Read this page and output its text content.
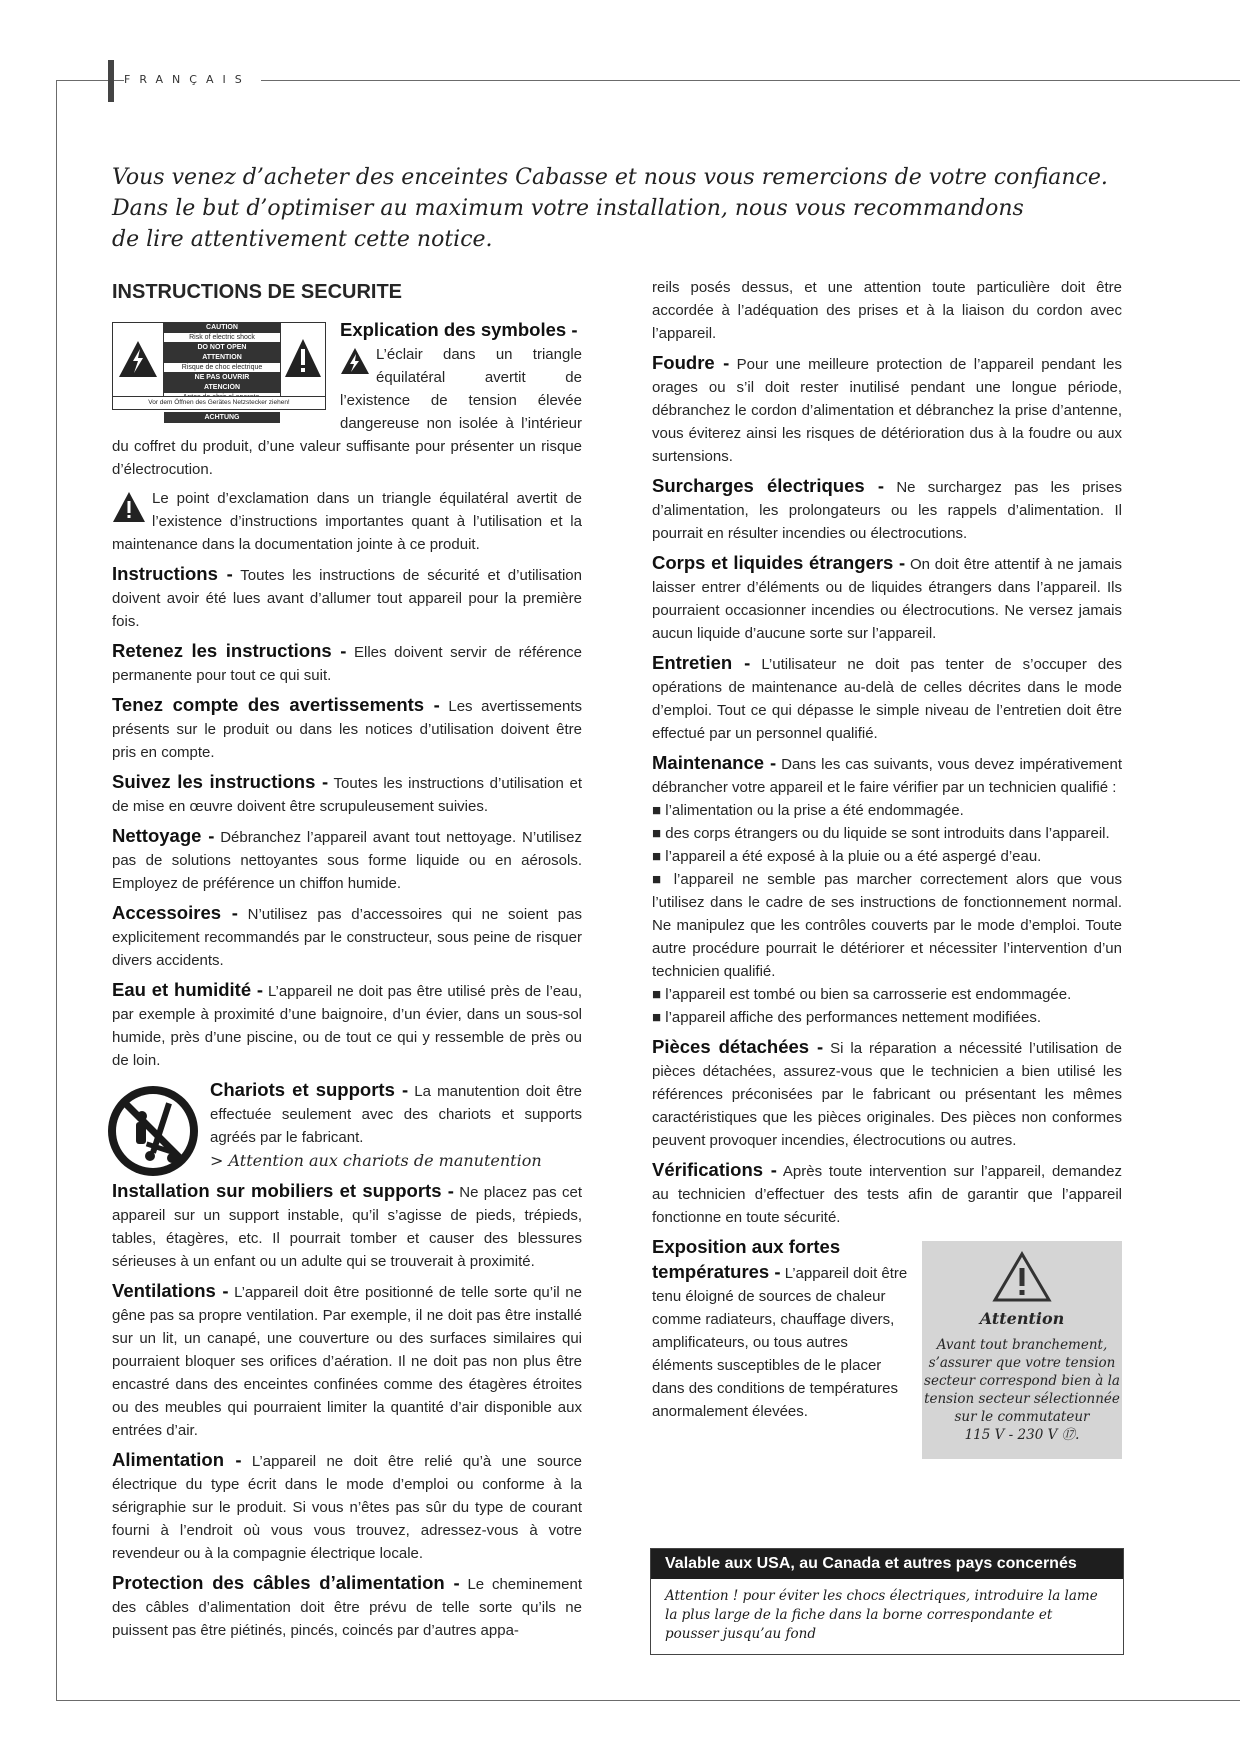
FRANÇAIS
Vous venez d’acheter des enceintes Cabasse et nous vous remercions de votre confiance.
Dans le but d’optimiser au maximum votre installation, nous vous recommandons
de lire attentivement cette notice.
INSTRUCTIONS DE SECURITE
CAUTION
Risk of electric shock
DO NOT OPEN
ATTENTION
Risque de choc electrique
NE PAS OUVRIR
ATENCIÓN
ACHTUNG
Vor dem Öffnen des Gerätes Netzstecker ziehen!

Explication des symboles -

L’éclair dans un triangle équilatéral avertit de l’existence de tension élevée dangereuse non isolée à l’intérieur du coffret du produit, d’une valeur suffisante pour présenter un risque d’électrocution.

Le point d’exclamation dans un triangle équilatéral avertit de l’existence d’instructions importantes quant à l’utilisation et la maintenance dans la documentation jointe à ce produit.

Instructions - Toutes les instructions de sécurité et d’utilisation doivent avoir été lues avant d’allumer tout appareil pour la première fois.

Retenez les instructions - Elles doivent servir de référence permanente pour tout ce qui suit.

Tenez compte des avertissements - Les avertissements présents sur le produit ou dans les notices d’utilisation doivent être pris en compte.

Suivez les instructions - Toutes les instructions d’utilisation et de mise en œuvre doivent être scrupuleusement suivies.

Nettoyage - Débranchez l’appareil avant tout nettoyage. N’utilisez pas de solutions nettoyantes sous forme liquide ou en aérosols. Employez de préférence un chiffon humide.

Accessoires - N’utilisez pas d’accessoires qui ne soient pas explicitement recommandés par le constructeur, sous peine de risquer divers accidents.

Eau et humidité - L’appareil ne doit pas être utilisé près de l’eau, par exemple à proximité d’une baignoire, d’un évier, dans un sous-sol humide, près d’une piscine, ou de tout ce qui y ressemble de près ou de loin.

Chariots et supports - La manutention doit être effectuée seulement avec des chariots et supports agréés par le fabricant.
> Attention aux chariots de manutention

Installation sur mobiliers et supports - Ne placez pas cet appareil sur un support instable, qu’il s’agisse de pieds, trépieds, tables, étagères, etc. Il pourrait tomber et causer des blessures sérieuses à un enfant ou un adulte qui se trouverait à proximité.

Ventilations - L’appareil doit être positionné de telle sorte qu’il ne gêne pas sa propre ventilation. Par exemple, il ne doit pas être installé sur un lit, un canapé, une couverture ou des surfaces similaires qui pourraient bloquer ses orifices d’aération. Il ne doit pas non plus être encastré dans des enceintes confinées comme des étagères étroites ou des meubles qui pourraient limiter la quantité d’air disponible aux entrées d’air.

Alimentation - L’appareil ne doit être relié qu’à une source électrique du type écrit dans le mode d’emploi ou conforme à la sérigraphie sur le produit. Si vous n’êtes pas sûr du type de courant fourni à l’endroit où vous vous trouvez, adressez-vous à votre revendeur ou à la compagnie électrique locale.

Protection des câbles d’alimentation - Le cheminement des câbles d’alimentation doit être prévu de telle sorte qu’ils ne puissent pas être piétinés, pincés, coincés par d’autres appa-

reils posés dessus, et une attention toute particulière doit être accordée à l’adéquation des prises et à la liaison du cordon avec l’appareil.

Foudre - Pour une meilleure protection de l’appareil pendant les orages ou s’il doit rester inutilisé pendant une longue période, débranchez le cordon d’alimentation et débranchez la prise d’antenne, vous éviterez ainsi les risques de détérioration dus à la foudre ou aux surtensions.

Surcharges électriques - Ne surchargez pas les prises d’alimentation, les prolongateurs ou les rappels d’alimentation. Il pourrait en résulter incendies ou électrocutions.

Corps et liquides étrangers - On doit être attentif à ne jamais laisser entrer d’éléments ou de liquides étrangers dans l’appareil. Ils pourraient occasionner incendies ou électrocutions. Ne versez jamais aucun liquide d’aucune sorte sur l’appareil.

Entretien - L’utilisateur ne doit pas tenter de s’occuper des opérations de maintenance au-delà de celles décrites dans le mode d’emploi. Tout ce qui dépasse le simple niveau de l’entretien doit être effectué par un personnel qualifié.

Maintenance - Dans les cas suivants, vous devez impérativement débrancher votre appareil et le faire vérifier par un technicien qualifié :

■ l’alimentation ou la prise a été endommagée.
■ des corps étrangers ou du liquide se sont introduits dans l’appareil.
■ l’appareil a été exposé à la pluie ou a été aspergé d’eau.
■ l’appareil ne semble pas marcher correctement alors que vous l’utilisez dans le cadre de ses instructions de fonctionnement normal. Ne manipulez que les contrôles couverts par le mode d’emploi. Toute autre procédure pourrait le détériorer et nécessiter l’intervention d’un technicien qualifié.
■ l’appareil est tombé ou bien sa carrosserie est endommagée.
■ l’appareil affiche des performances nettement modifiées.

Pièces détachées - Si la réparation a nécessité l’utilisation de pièces détachées, assurez-vous que le technicien a bien utilisé les références préconisées par le fabricant ou présentant les mêmes caractéristiques que les pièces originales. Des pièces non conformes peuvent provoquer incendies, électrocutions ou autres.

Vérifications - Après toute intervention sur l’appareil, demandez au technicien d’effectuer des tests afin de garantir que l’appareil fonctionne en toute sécurité.

Attention
Avant tout branchement, s’assurer que votre tension secteur correspond bien à la tension secteur sélectionnée sur le commutateur
115 V - 230 V ⑰.

Exposition aux fortes températures - L’appareil doit être tenu éloigné de sources de chaleur comme radiateurs, chauffage divers, amplificateurs, ou tous autres éléments susceptibles de le placer dans des conditions de températures anormalement élevées.

Valable aux USA, au Canada et autres pays concernés
Attention ! pour éviter les chocs électriques, introduire la lame la plus large de la fiche dans la borne correspondante et pousser jusqu’au fond
